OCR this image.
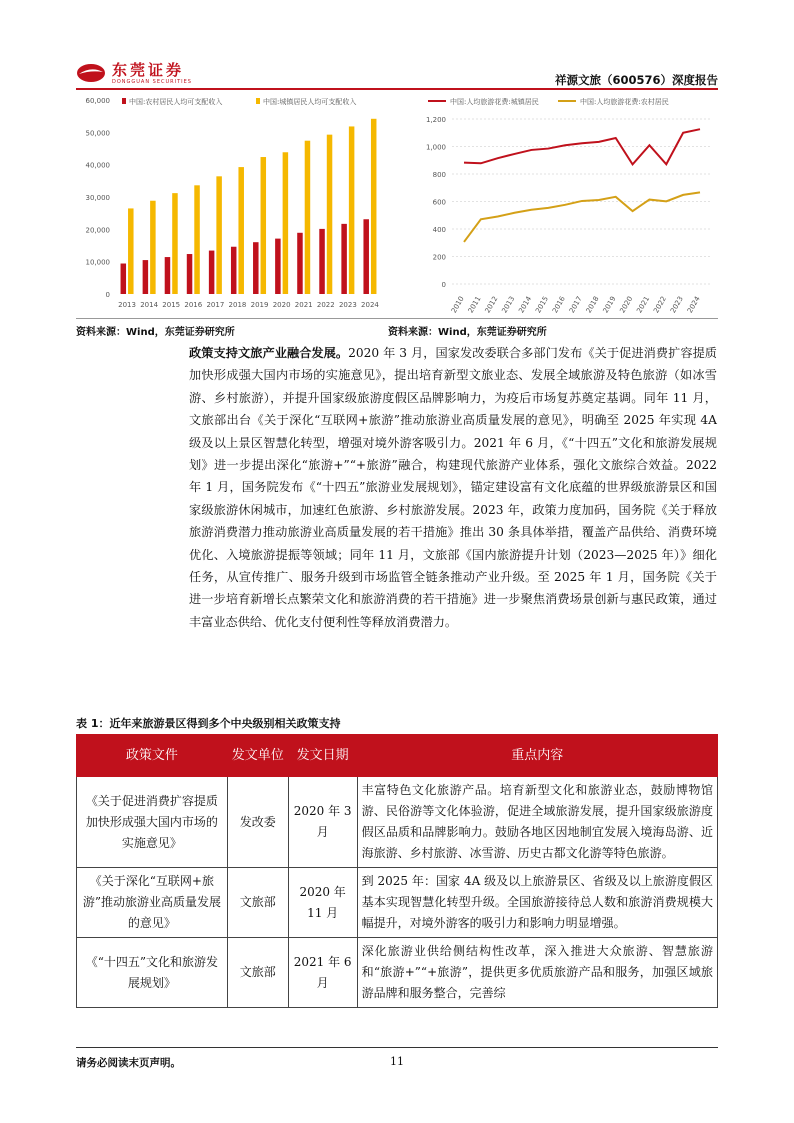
东莞证券
DONGGUAN SECURITIES	祥源文旅（600576）深度报告
0
10,000
20,000
30,000
40,000
50,000
60,000
2013 2014 2015 2016 2017 2018 2019 2020 2021 2022 2023 2024
中国:农村居民人均可支配收入	中国:城镇居民人均可支配收入
0
200
400
600
800
1,000
1,200
2010 2011 2012 2013 2014 2015 2016 2017 2018 2019 2020 2021 2022 2023 2024
中国:人均旅游花费:城镇居民	中国:人均旅游花费:农村居民
资料来源：Wind，东莞证券研究所	资料来源：Wind，东莞证券研究所
政策支持文旅产业融合发展。2020 年 3 月，国家发改委联合多部门发布《关于促进消费扩容提质加快形成强大国内市场的实施意见》，提出培育新型文旅业态、发展全域旅游及特色旅游（如冰雪游、乡村旅游），并提升国家级旅游度假区品牌影响力，为疫后市场复苏奠定基调。同年 11 月，文旅部出台《关于深化“互联网+旅游”推动旅游业高质量发展的意见》，明确至 2025 年实现 4A 级及以上景区智慧化转型，增强对境外游客吸引力。2021 年 6 月，《“十四五”文化和旅游发展规划》进一步提出深化“旅游+”“+旅游”融合，构建现代旅游产业体系，强化文旅综合效益。2022 年 1 月，国务院发布《“十四五”旅游业发展规划》，锚定建设富有文化底蕴的世界级旅游景区和国家级旅游休闲城市，加速红色旅游、乡村旅游发展。2023 年，政策力度加码，国务院《关于释放旅游消费潜力推动旅游业高质量发展的若干措施》推出 30 条具体举措，覆盖产品供给、消费环境优化、入境旅游提振等领域；同年 11 月，文旅部《国内旅游提升计划（2023—2025 年）》细化任务，从宣传推广、服务升级到市场监管全链条推动产业升级。至 2025 年 1 月，国务院《关于进一步培育新增长点繁荣文化和旅游消费的若干措施》进一步聚焦消费场景创新与惠民政策，通过丰富业态供给、优化支付便利性等释放消费潜力。
表 1：近年来旅游景区得到多个中央级别相关政策支持
政策文件	发文单位	发文日期	重点内容
《关于促进消费扩容提质加快形成强大国内市场的实施意见》	发改委	2020 年 3 月	丰富特色文化旅游产品。培育新型文化和旅游业态，鼓励博物馆游、民俗游等文化体验游，促进全域旅游发展，提升国家级旅游度假区品质和品牌影响力。鼓励各地区因地制宜发展入境海岛游、近海旅游、乡村旅游、冰雪游、历史古都文化游等特色旅游。
《关于深化“互联网+旅游”推动旅游业高质量发展的意见》	文旅部	2020 年 11 月	到 2025 年：国家 4A 级及以上旅游景区、省级及以上旅游度假区基本实现智慧化转型升级。全国旅游接待总人数和旅游消费规模大幅提升，对境外游客的吸引力和影响力明显增强。
《“十四五”文化和旅游发展规划》	文旅部	2021 年 6 月	深化旅游业供给侧结构性改革，深入推进大众旅游、智慧旅游和“旅游+”“+旅游”，提供更多优质旅游产品和服务，加强区域旅游品牌和服务整合，完善综
请务必阅读末页声明。	11
